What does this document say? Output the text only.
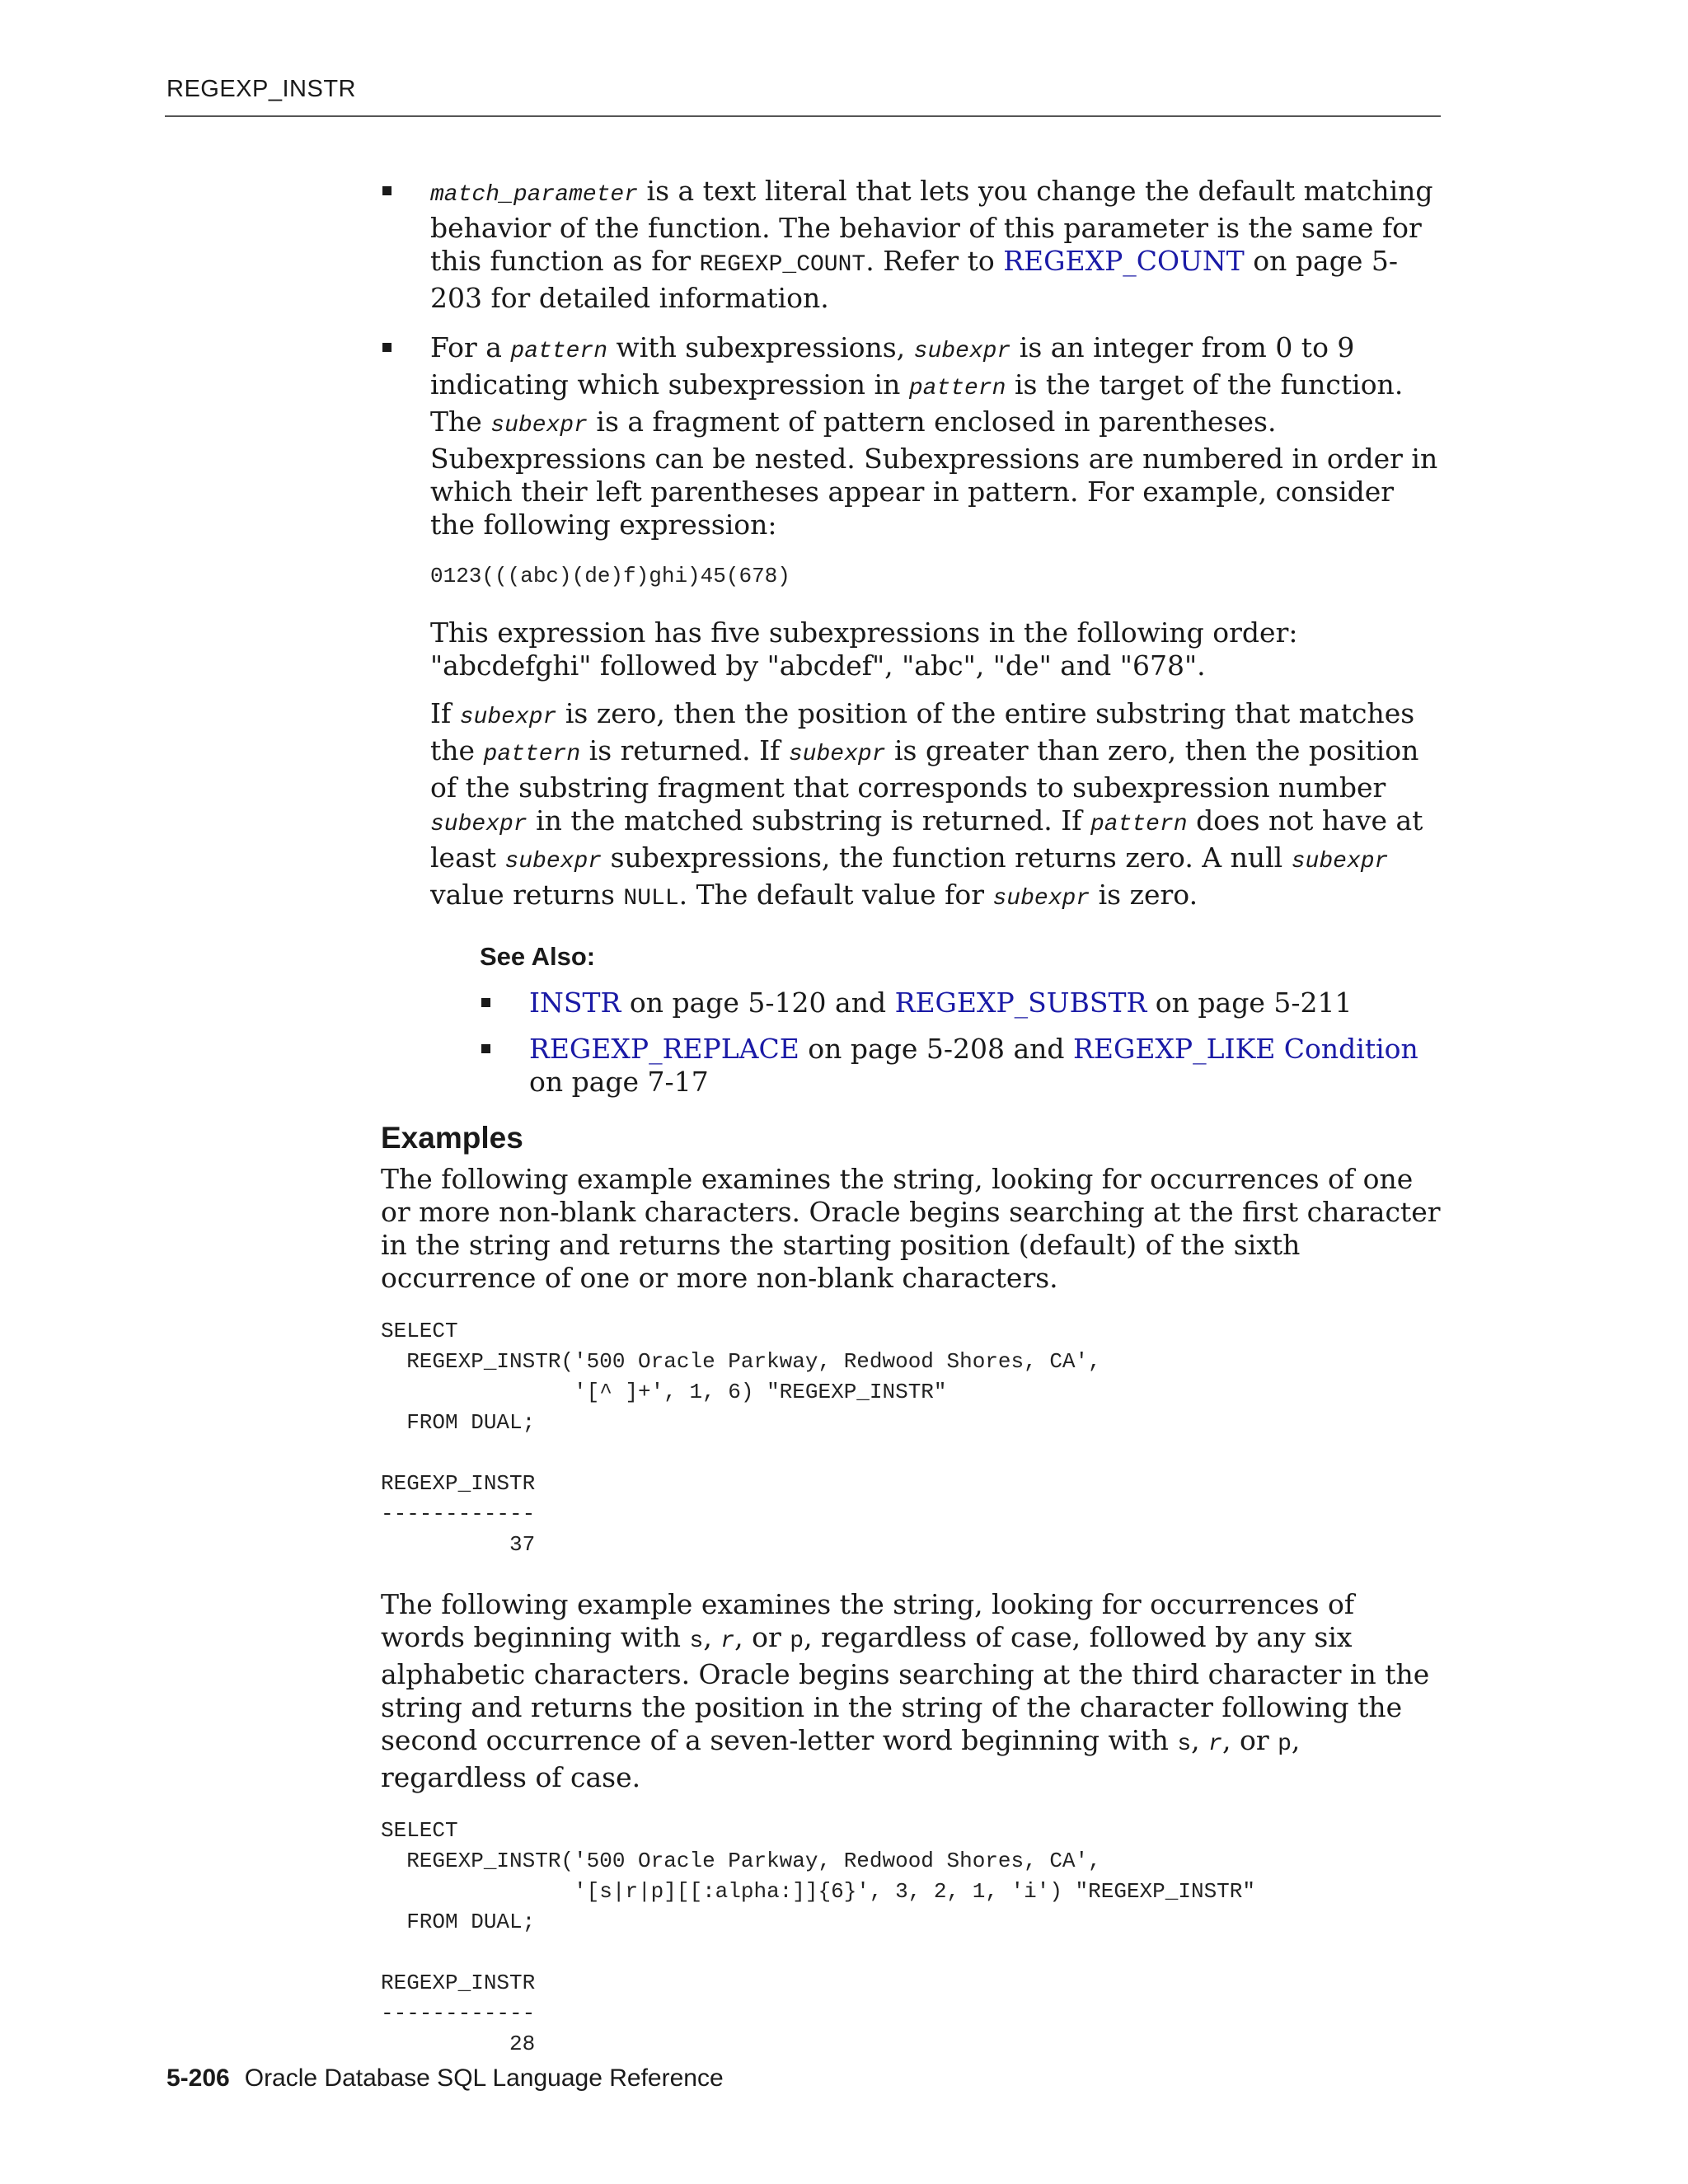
REGEXP_INSTR
match_parameter is a text literal that lets you change the default matching behavior of the function. The behavior of this parameter is the same for this function as for REGEXP_COUNT. Refer to REGEXP_COUNT on page 5-203 for detailed information.
For a pattern with subexpressions, subexpr is an integer from 0 to 9 indicating which subexpression in pattern is the target of the function. The subexpr is a fragment of pattern enclosed in parentheses. Subexpressions can be nested. Subexpressions are numbered in order in which their left parentheses appear in pattern. For example, consider the following expression:
0123(((abc)(de)f)ghi)45(678)
This expression has five subexpressions in the following order: "abcdefghi" followed by "abcdef", "abc", "de" and "678".
If subexpr is zero, then the position of the entire substring that matches the pattern is returned. If subexpr is greater than zero, then the position of the substring fragment that corresponds to subexpression number subexpr in the matched substring is returned. If pattern does not have at least subexpr subexpressions, the function returns zero. A null subexpr value returns NULL. The default value for subexpr is zero.
See Also:
INSTR on page 5-120 and REGEXP_SUBSTR on page 5-211
REGEXP_REPLACE on page 5-208 and REGEXP_LIKE Condition on page 7-17
Examples
The following example examines the string, looking for occurrences of one or more non-blank characters. Oracle begins searching at the first character in the string and returns the starting position (default) of the sixth occurrence of one or more non-blank characters.
SELECT
REGEXP_INSTR('500 Oracle Parkway, Redwood Shores, CA',
'[^ ]+', 1, 6) "REGEXP_INSTR"
FROM DUAL;

REGEXP_INSTR
------------
37
The following example examines the string, looking for occurrences of words beginning with s, r, or p, regardless of case, followed by any six alphabetic characters. Oracle begins searching at the third character in the string and returns the position in the string of the character following the second occurrence of a seven-letter word beginning with s, r, or p, regardless of case.
SELECT
REGEXP_INSTR('500 Oracle Parkway, Redwood Shores, CA',
'[s|r|p][[:alpha:]]{6}', 3, 2, 1, 'i') "REGEXP_INSTR"
FROM DUAL;

REGEXP_INSTR
------------
28
5-206 Oracle Database SQL Language Reference
